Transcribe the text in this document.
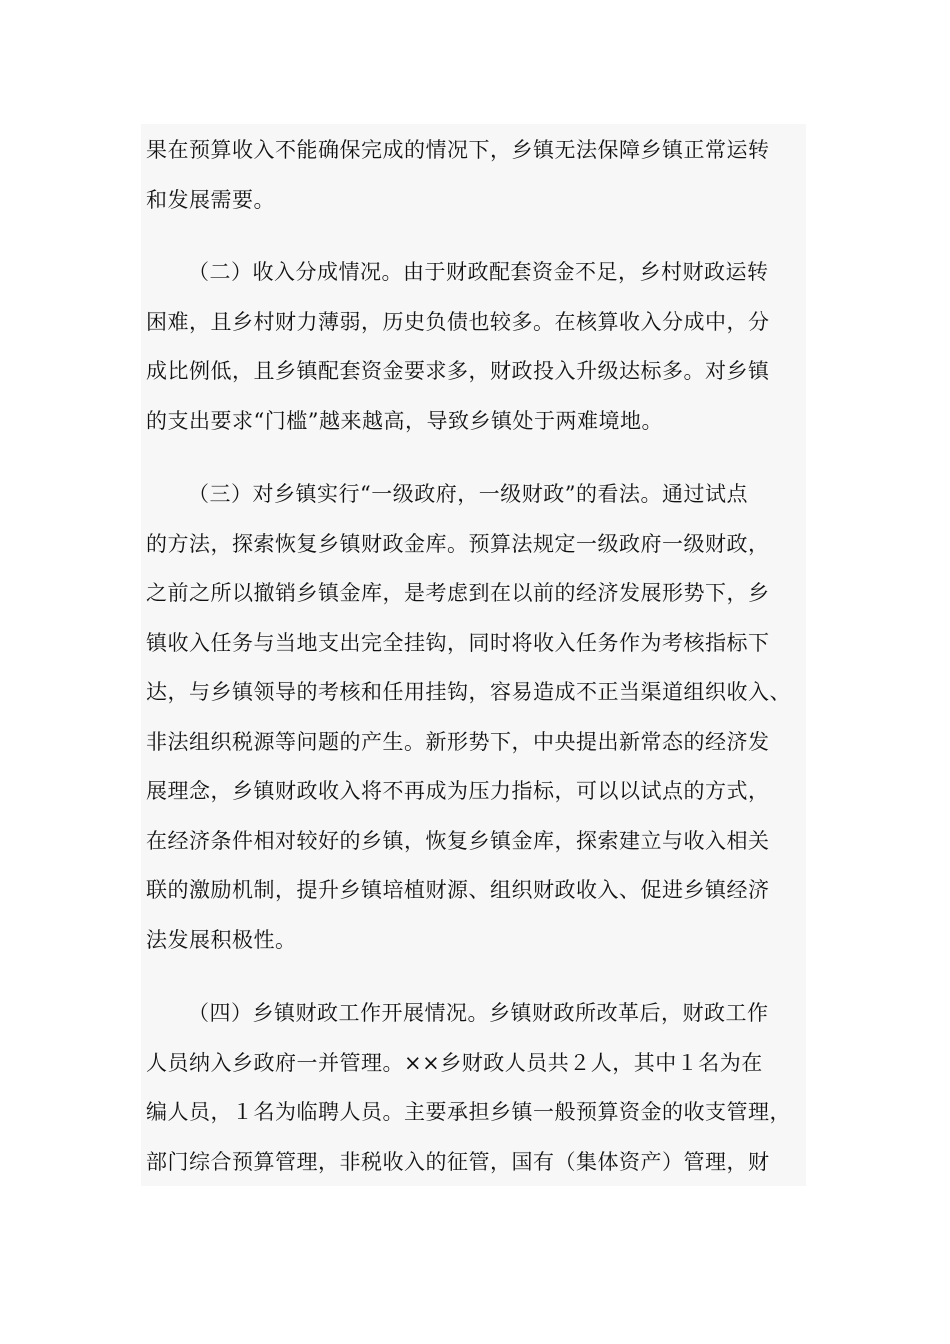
果在预算收入不能确保完成的情况下，乡镇无法保障乡镇正常运转
和发展需要。
（二）收入分成情况。由于财政配套资金不足，乡村财政运转
困难，且乡村财力薄弱，历史负债也较多。在核算收入分成中，分
成比例低，且乡镇配套资金要求多，财政投入升级达标多。对乡镇
的支出要求“门槛”越来越高，导致乡镇处于两难境地。
（三）对乡镇实行“一级政府，一级财政”的看法。通过试点
的方法，探索恢复乡镇财政金库。预算法规定一级政府一级财政，
之前之所以撤销乡镇金库，是考虑到在以前的经济发展形势下，乡
镇收入任务与当地支出完全挂钩，同时将收入任务作为考核指标下
达，与乡镇领导的考核和任用挂钩，容易造成不正当渠道组织收入、
非法组织税源等问题的产生。新形势下，中央提出新常态的经济发
展理念，乡镇财政收入将不再成为压力指标，可以以试点的方式，
在经济条件相对较好的乡镇，恢复乡镇金库，探索建立与收入相关
联的激励机制，提升乡镇培植财源、组织财政收入、促进乡镇经济
法发展积极性。
（四）乡镇财政工作开展情况。乡镇财政所改革后，财政工作
人员纳入乡政府一并管理。××乡财政人员共２人，其中１名为在
编人员，１名为临聘人员。主要承担乡镇一般预算资金的收支管理，
部门综合预算管理，非税收入的征管，国有（集体资产）管理，财
